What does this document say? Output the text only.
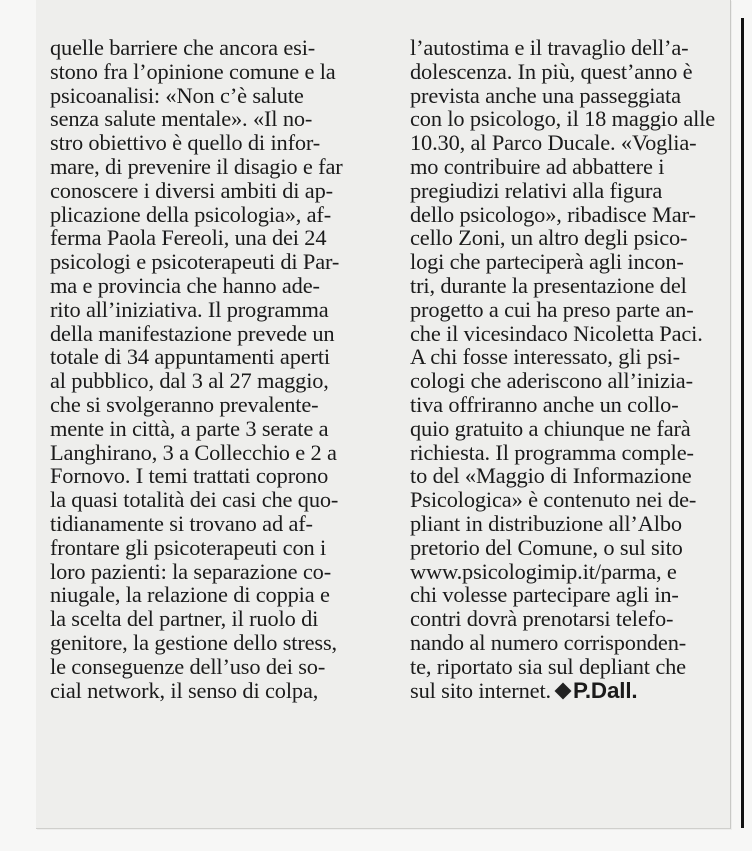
quelle barriere che ancora esi-
stono fra l’opinione comune e la
psicoanalisi: «Non c’è salute
senza salute mentale». «Il no-
stro obiettivo è quello di infor-
mare, di prevenire il disagio e far
conoscere i diversi ambiti di ap-
plicazione della psicologia», af-
ferma Paola Fereoli, una dei 24
psicologi e psicoterapeuti di Par-
ma e provincia che hanno ade-
rito all’iniziativa. Il programma
della manifestazione prevede un
totale di 34 appuntamenti aperti
al pubblico, dal 3 al 27 maggio,
che si svolgeranno prevalente-
mente in città, a parte 3 serate a
Langhirano, 3 a Collecchio e 2 a
Fornovo. I temi trattati coprono
la quasi totalità dei casi che quo-
tidianamente si trovano ad af-
frontare gli psicoterapeuti con i
loro pazienti: la separazione co-
niugale, la relazione di coppia e
la scelta del partner, il ruolo di
genitore, la gestione dello stress,
le conseguenze dell’uso dei so-
cial network, il senso di colpa,
l’autostima e il travaglio dell’a-
dolescenza. In più, quest’anno è
prevista anche una passeggiata
con lo psicologo, il 18 maggio alle
10.30, al Parco Ducale. «Voglia-
mo contribuire ad abbattere i
pregiudizi relativi alla figura
dello psicologo», ribadisce Mar-
cello Zoni, un altro degli psico-
logi che parteciperà agli incon-
tri, durante la presentazione del
progetto a cui ha preso parte an-
che il vicesindaco Nicoletta Paci.
A chi fosse interessato, gli psi-
cologi che aderiscono all’inizia-
tiva offriranno anche un collo-
quio gratuito a chiunque ne farà
richiesta. Il programma comple-
to del «Maggio di Informazione
Psicologica» è contenuto nei de-
pliant in distribuzione all’Albo
pretorio del Comune, o sul sito
www.psicologimip.it/parma, e
chi volesse partecipare agli in-
contri dovrà prenotarsi telefo-
nando al numero corrisponden-
te, riportato sia sul depliant che
sul sito internet. P.Dall.
